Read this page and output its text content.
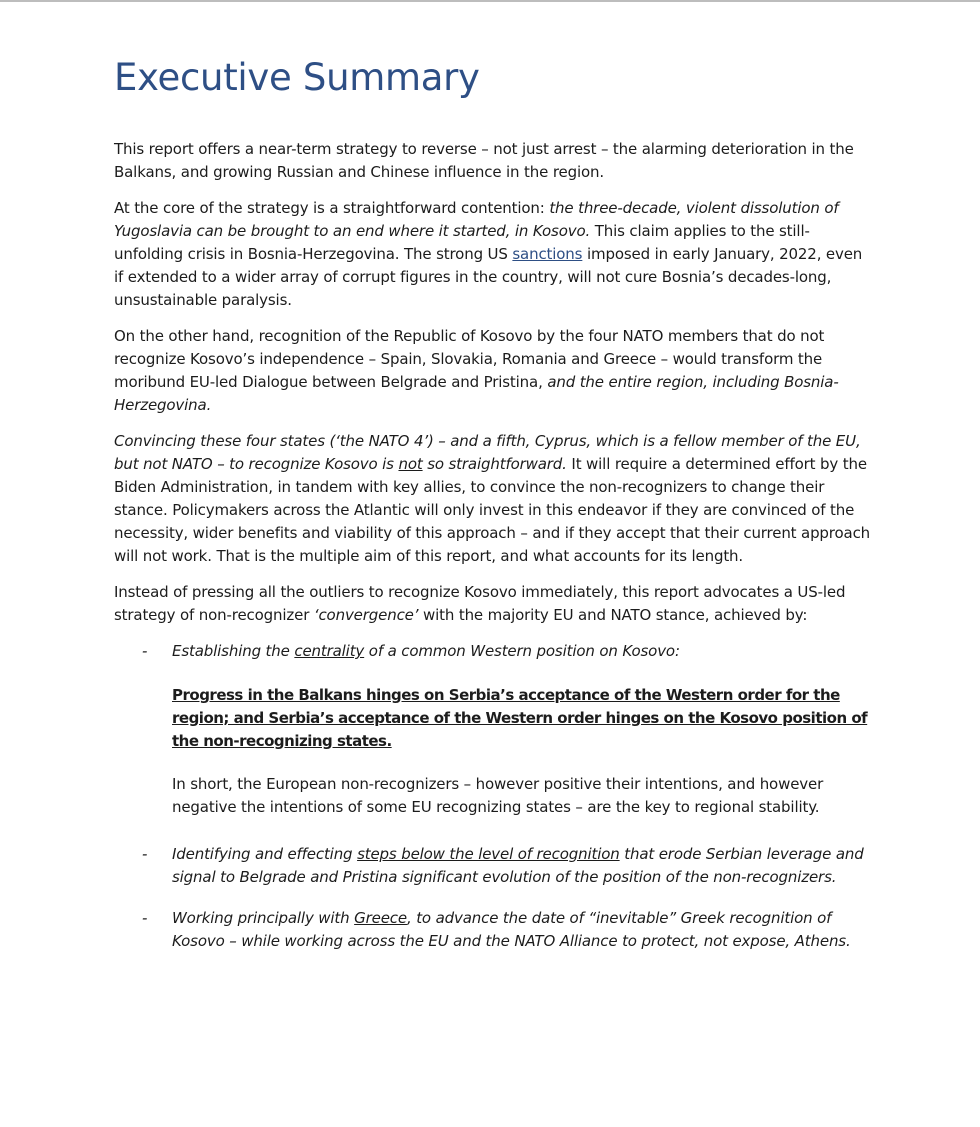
Executive Summary

This report offers a near-term strategy to reverse – not just arrest – the alarming deterioration in the Balkans, and growing Russian and Chinese influence in the region.

At the core of the strategy is a straightforward contention: the three-decade, violent dissolution of Yugoslavia can be brought to an end where it started, in Kosovo. This claim applies to the still-unfolding crisis in Bosnia-Herzegovina. The strong US sanctions imposed in early January, 2022, even if extended to a wider array of corrupt figures in the country, will not cure Bosnia’s decades-long, unsustainable paralysis.

On the other hand, recognition of the Republic of Kosovo by the four NATO members that do not recognize Kosovo’s independence – Spain, Slovakia, Romania and Greece – would transform the moribund EU-led Dialogue between Belgrade and Pristina, and the entire region, including Bosnia-Herzegovina.

Convincing these four states (‘the NATO 4’) – and a fifth, Cyprus, which is a fellow member of the EU, but not NATO – to recognize Kosovo is not so straightforward. It will require a determined effort by the Biden Administration, in tandem with key allies, to convince the non-recognizers to change their stance. Policymakers across the Atlantic will only invest in this endeavor if they are convinced of the necessity, wider benefits and viability of this approach – and if they accept that their current approach will not work. That is the multiple aim of this report, and what accounts for its length.

Instead of pressing all the outliers to recognize Kosovo immediately, this report advocates a US-led strategy of non-recognizer ‘convergence’ with the majority EU and NATO stance, achieved by:

- Establishing the centrality of a common Western position on Kosovo:
Progress in the Balkans hinges on Serbia’s acceptance of the Western order for the region; and Serbia’s acceptance of the Western order hinges on the Kosovo position of the non-recognizing states.
In short, the European non-recognizers – however positive their intentions, and however negative the intentions of some EU recognizing states – are the key to regional stability.
- Identifying and effecting steps below the level of recognition that erode Serbian leverage and signal to Belgrade and Pristina significant evolution of the position of the non-recognizers.
- Working principally with Greece, to advance the date of “inevitable” Greek recognition of Kosovo – while working across the EU and the NATO Alliance to protect, not expose, Athens.
